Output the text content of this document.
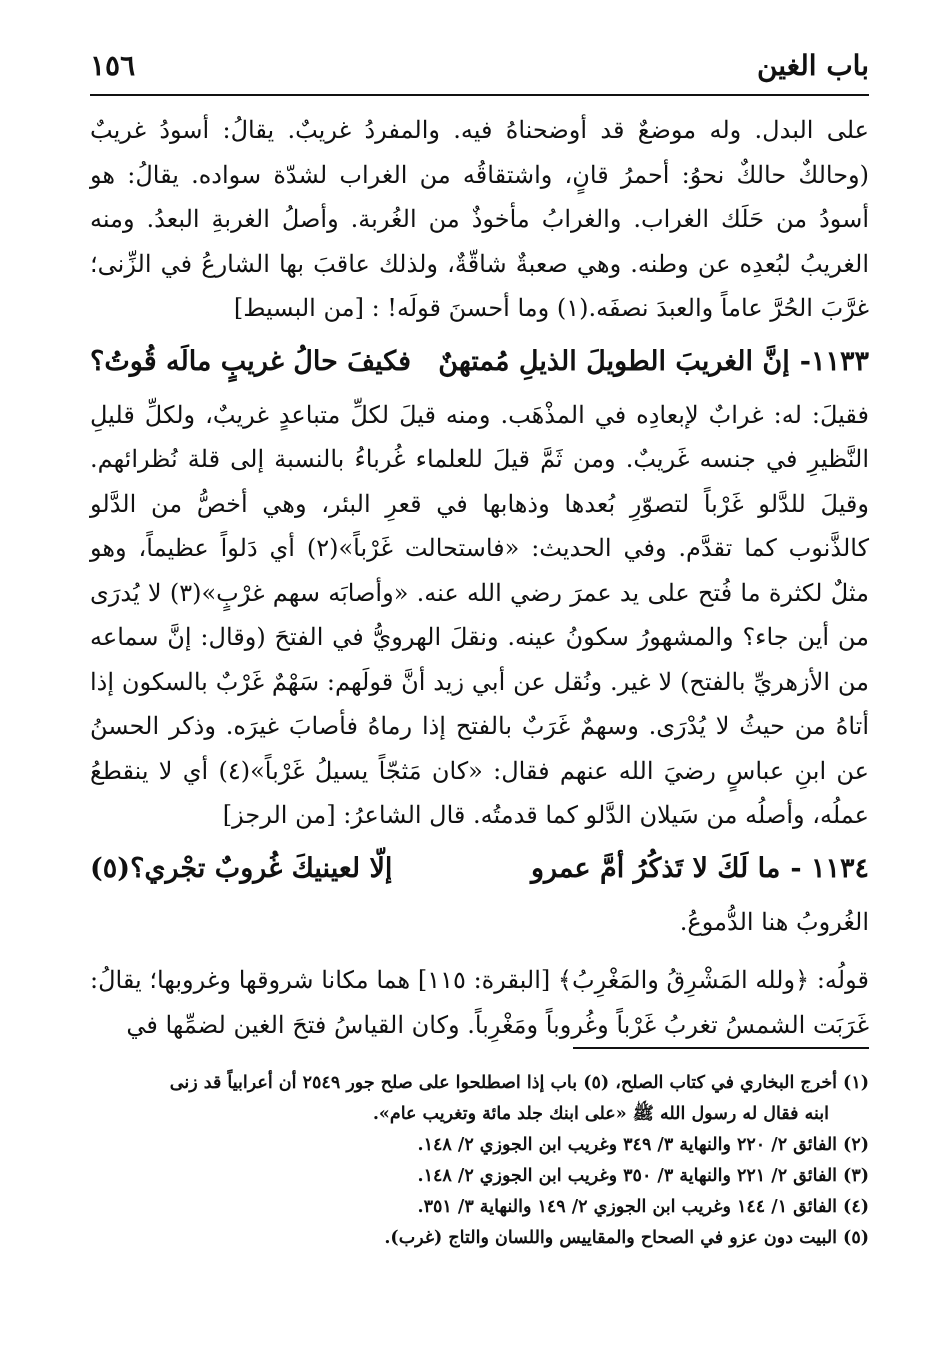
باب الغين
١٥٦

على البدل. وله موضعٌ قد أوضحناهُ فيه. والمفردُ غريبٌ. يقالُ: أسودُ غريبٌ (وحالكٌ حالكٌ نحوُ: أحمرُ قانٍ، واشتقاقُه من الغراب لشدّة سواده. يقالُ: هو أسودُ من حَلَك الغراب. والغرابُ مأخوذٌ من الغُربة. وأصلُ الغربةِ البعدُ. ومنه الغريبُ لبُعدِه عن وطنه. وهي صعبةٌ شاقّةٌ، ولذلك عاقبَ بها الشارعُ في الزِّنى؛ غرَّبَ الحُرَّ عاماً والعبدَ نصفَه.(١) وما أحسنَ قولَه! : [من البسيط]

١١٣٣-إنَّ الغريبَ الطويلَ الذيلِ مُمتهنٌ
فكيفَ حالُ غريبٍ مالَه قُوتُ؟

فقيلَ: له: غرابٌ لإبعادِه في المذْهَب. ومنه قيلَ لكلِّ متباعدٍ غريبٌ، ولكلِّ قليلِ النَّظيرِ في جنسه غَريبٌ. ومن ثَمَّ قيلَ للعلماء غُرباءُ بالنسبة إلى قلة نُظرائهم. وقيلَ للدَّلو غَرْباً لتصوّرِ بُعدها وذهابها في قعرِ البئر، وهي أخصُّ من الدَّلو كالذَّنوب كما تقدَّم. وفي الحديث: «فاستحالت غَرْباً»(٢) أي دَلواً عظيماً، وهو مثلٌ لكثرة ما فُتح على يد عمرَ رضي الله عنه. «وأصابَه سهم غرْبٍ»(٣) لا يُدرَى من أين جاء؟ والمشهورُ سكونُ عينه. ونقلَ الهرويُّ في الفتحَ (وقال: إنَّ سماعه من الأزهريِّ بالفتح) لا غير. ونُقل عن أبي زيد أنَّ قولَهم: سَهْمٌ غَرْبٌ بالسكون إذا أتاهُ من حيثُ لا يُدْرَى. وسهمٌ غَرَبٌ بالفتح إذا رماهُ فأصابَ غيرَه. وذكر الحسنُ عن ابنِ عباسٍ رضيَ الله عنهم فقال: «كان مَثجّاً يسيلُ غَرْباً»(٤) أي لا ينقطعُ عملُه، وأصلُه من سَيلان الدَّلو كما قدمتُه. قال الشاعرُ: [من الرجز]

١١٣٤ -ما لَكَ لا تَذكُرُ أمَّ عمرو
إلّا لعينيكَ غُروبٌ تجْري؟(٥)

الغُروبُ هنا الدُّموعُ.

قولُه: ﴿ولله المَشْرِقُ والمَغْرِبُ﴾ [البقرة: ١١٥] هما مكانا شروقها وغروبها؛ يقالُ: غَرَبَت الشمسُ تغربُ غَرْباً وغُروباً ومَغْرِباً. وكان القياسُ فتحَ الغين لضمِّها في

(١)أخرج البخاري في كتاب الصلح، (٥) باب إذا اصطلحوا على صلح جور ٢٥٤٩ أن أعرابياً قد زنى

ابنه فقال له رسول الله ﷺ «على ابنك جلد مائة وتغريب عام».

(٢)الفائق ٢/ ٢٢٠ والنهاية ٣/ ٣٤٩ وغريب ابن الجوزي ٢/ ١٤٨.

(٣)الفائق ٢/ ٢٢١ والنهاية ٣/ ٣٥٠ وغريب ابن الجوزي ٢/ ١٤٨.

(٤)الفائق ١/ ١٤٤ وغريب ابن الجوزي ٢/ ١٤٩ والنهاية ٣/ ٣٥١.

(٥)البيت دون عزو في الصحاح والمقاييس واللسان والتاج (غرب).
